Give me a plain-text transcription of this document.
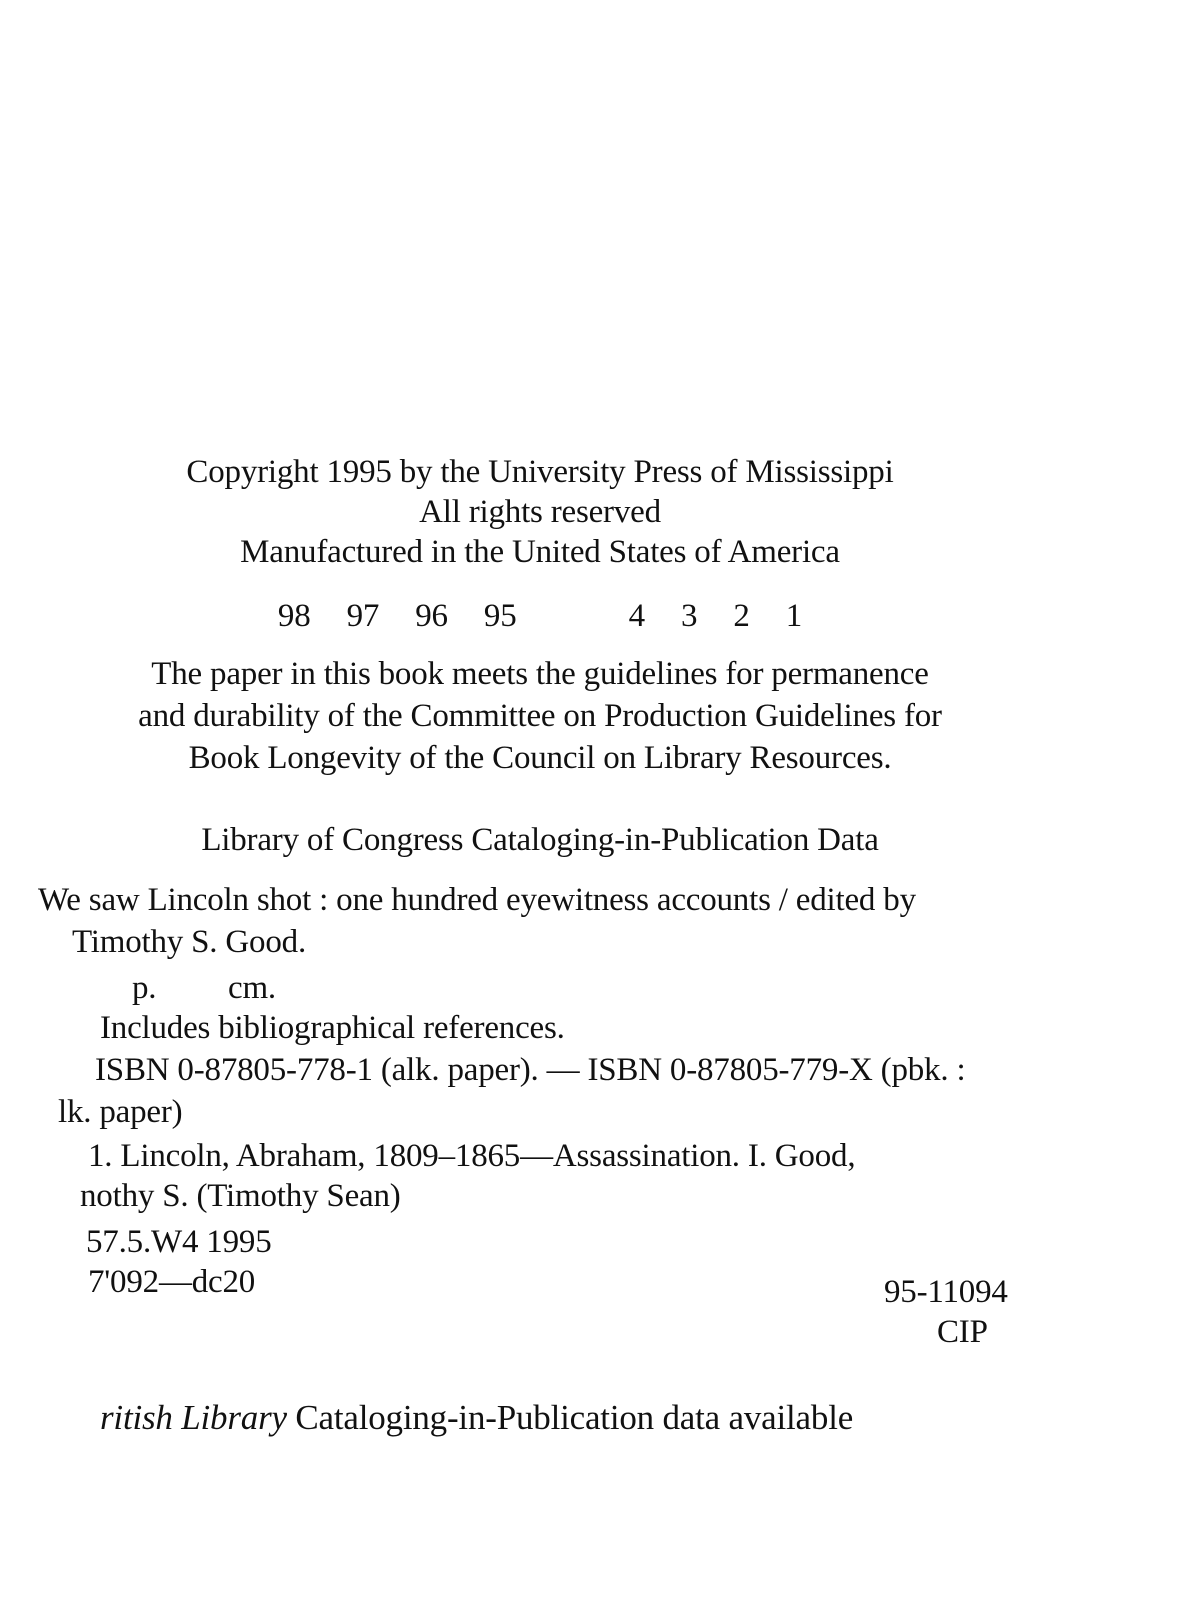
Copyright 1995 by the University Press of Mississippi
All rights reserved
Manufactured in the United States of America
98 97 96 95	4 3 2 1
The paper in this book meets the guidelines for permanence
and durability of the Committee on Production Guidelines for
Book Longevity of the Council on Library Resources.
Library of Congress Cataloging-in-Publication Data
We saw Lincoln shot : one hundred eyewitness accounts / edited by
Timothy S. Good.
p. cm.
Includes bibliographical references.
ISBN 0-87805-778-1 (alk. paper). — ISBN 0-87805-779-X (pbk. :
lk. paper)
1. Lincoln, Abraham, 1809–1865—Assassination. I. Good,
nothy S. (Timothy Sean)
57.5.W4 1995
7'092—dc20	95-11094
CIP
ritish Library Cataloging-in-Publication data available
